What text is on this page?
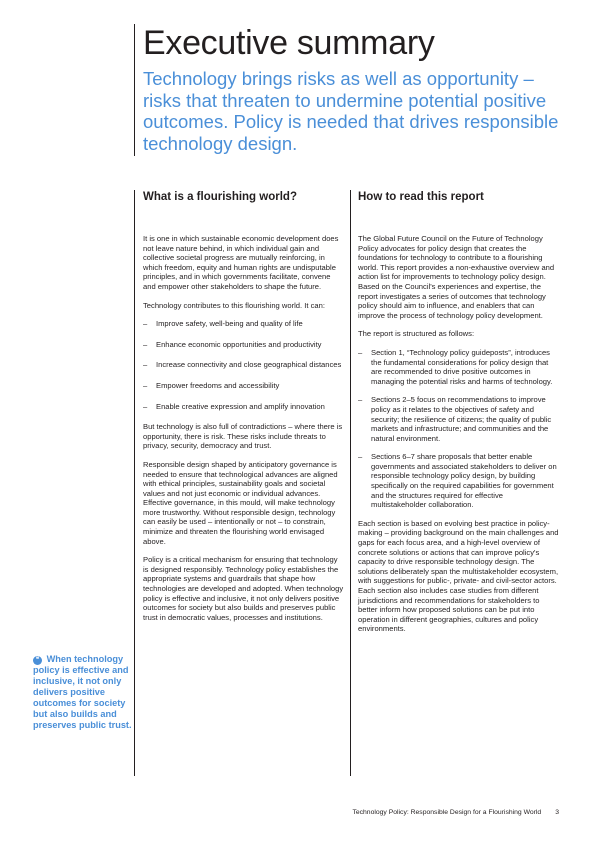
Executive summary

Technology brings risks as well as opportunity – risks that threaten to undermine potential positive outcomes. Policy is needed that drives responsible technology design.

What is a flourishing world?

It is one in which sustainable economic development does not leave nature behind, in which individual gain and collective societal progress are mutually reinforcing, in which freedom, equity and human rights are undisputable principles, and in which governments facilitate, convene and empower other stakeholders to shape the future.

Technology contributes to this flourishing world. It can:

– Improve safety, well-being and quality of life
– Enhance economic opportunities and productivity
– Increase connectivity and close geographical distances
– Empower freedoms and accessibility
– Enable creative expression and amplify innovation

But technology is also full of contradictions – where there is opportunity, there is risk. These risks include threats to privacy, security, democracy and trust.

Responsible design shaped by anticipatory governance is needed to ensure that technological advances are aligned with ethical principles, sustainability goals and societal values and not just economic or individual advances. Effective governance, in this mould, will make technology more trustworthy. Without responsible design, technology can easily be used – intentionally or not – to constrain, minimize and threaten the flourishing world envisaged above.

Policy is a critical mechanism for ensuring that technology is designed responsibly. Technology policy establishes the appropriate systems and guardrails that shape how technologies are developed and adopted. When technology policy is effective and inclusive, it not only delivers positive outcomes for society but also builds and preserves public trust in democratic values, processes and institutions.

How to read this report

The Global Future Council on the Future of Technology Policy advocates for policy design that creates the foundations for technology to contribute to a flourishing world. This report provides a non-exhaustive overview and action list for improvements to technology policy design. Based on the Council's experiences and expertise, the report investigates a series of outcomes that technology policy should aim to influence, and enablers that can improve the process of technology policy development.

The report is structured as follows:

– Section 1, “Technology policy guideposts”, introduces the fundamental considerations for policy design that are recommended to drive positive outcomes in managing the potential risks and harms of technology.
– Sections 2–5 focus on recommendations to improve policy as it relates to the objectives of safety and security; the resilience of citizens; the quality of public markets and infrastructure; and communities and the natural environment.
– Sections 6–7 share proposals that better enable governments and associated stakeholders to deliver on responsible technology policy design, by building specifically on the required capabilities for government and the structures required for effective multistakeholder collaboration.

Each section is based on evolving best practice in policy-making – providing background on the main challenges and gaps for each focus area, and a high-level overview of concrete solutions or actions that can improve policy's capacity to drive responsible technology design. The solutions deliberately span the multistakeholder ecosystem, with suggestions for public-, private- and civil-sector actors. Each section also includes case studies from different jurisdictions and recommendations for stakeholders to better inform how proposed solutions can be put into operation in different geographies, cultures and policy environments.

❝ When technology policy is effective and inclusive, it not only delivers positive outcomes for society but also builds and preserves public trust.
Technology Policy: Responsible Design for a Flourishing World 3
